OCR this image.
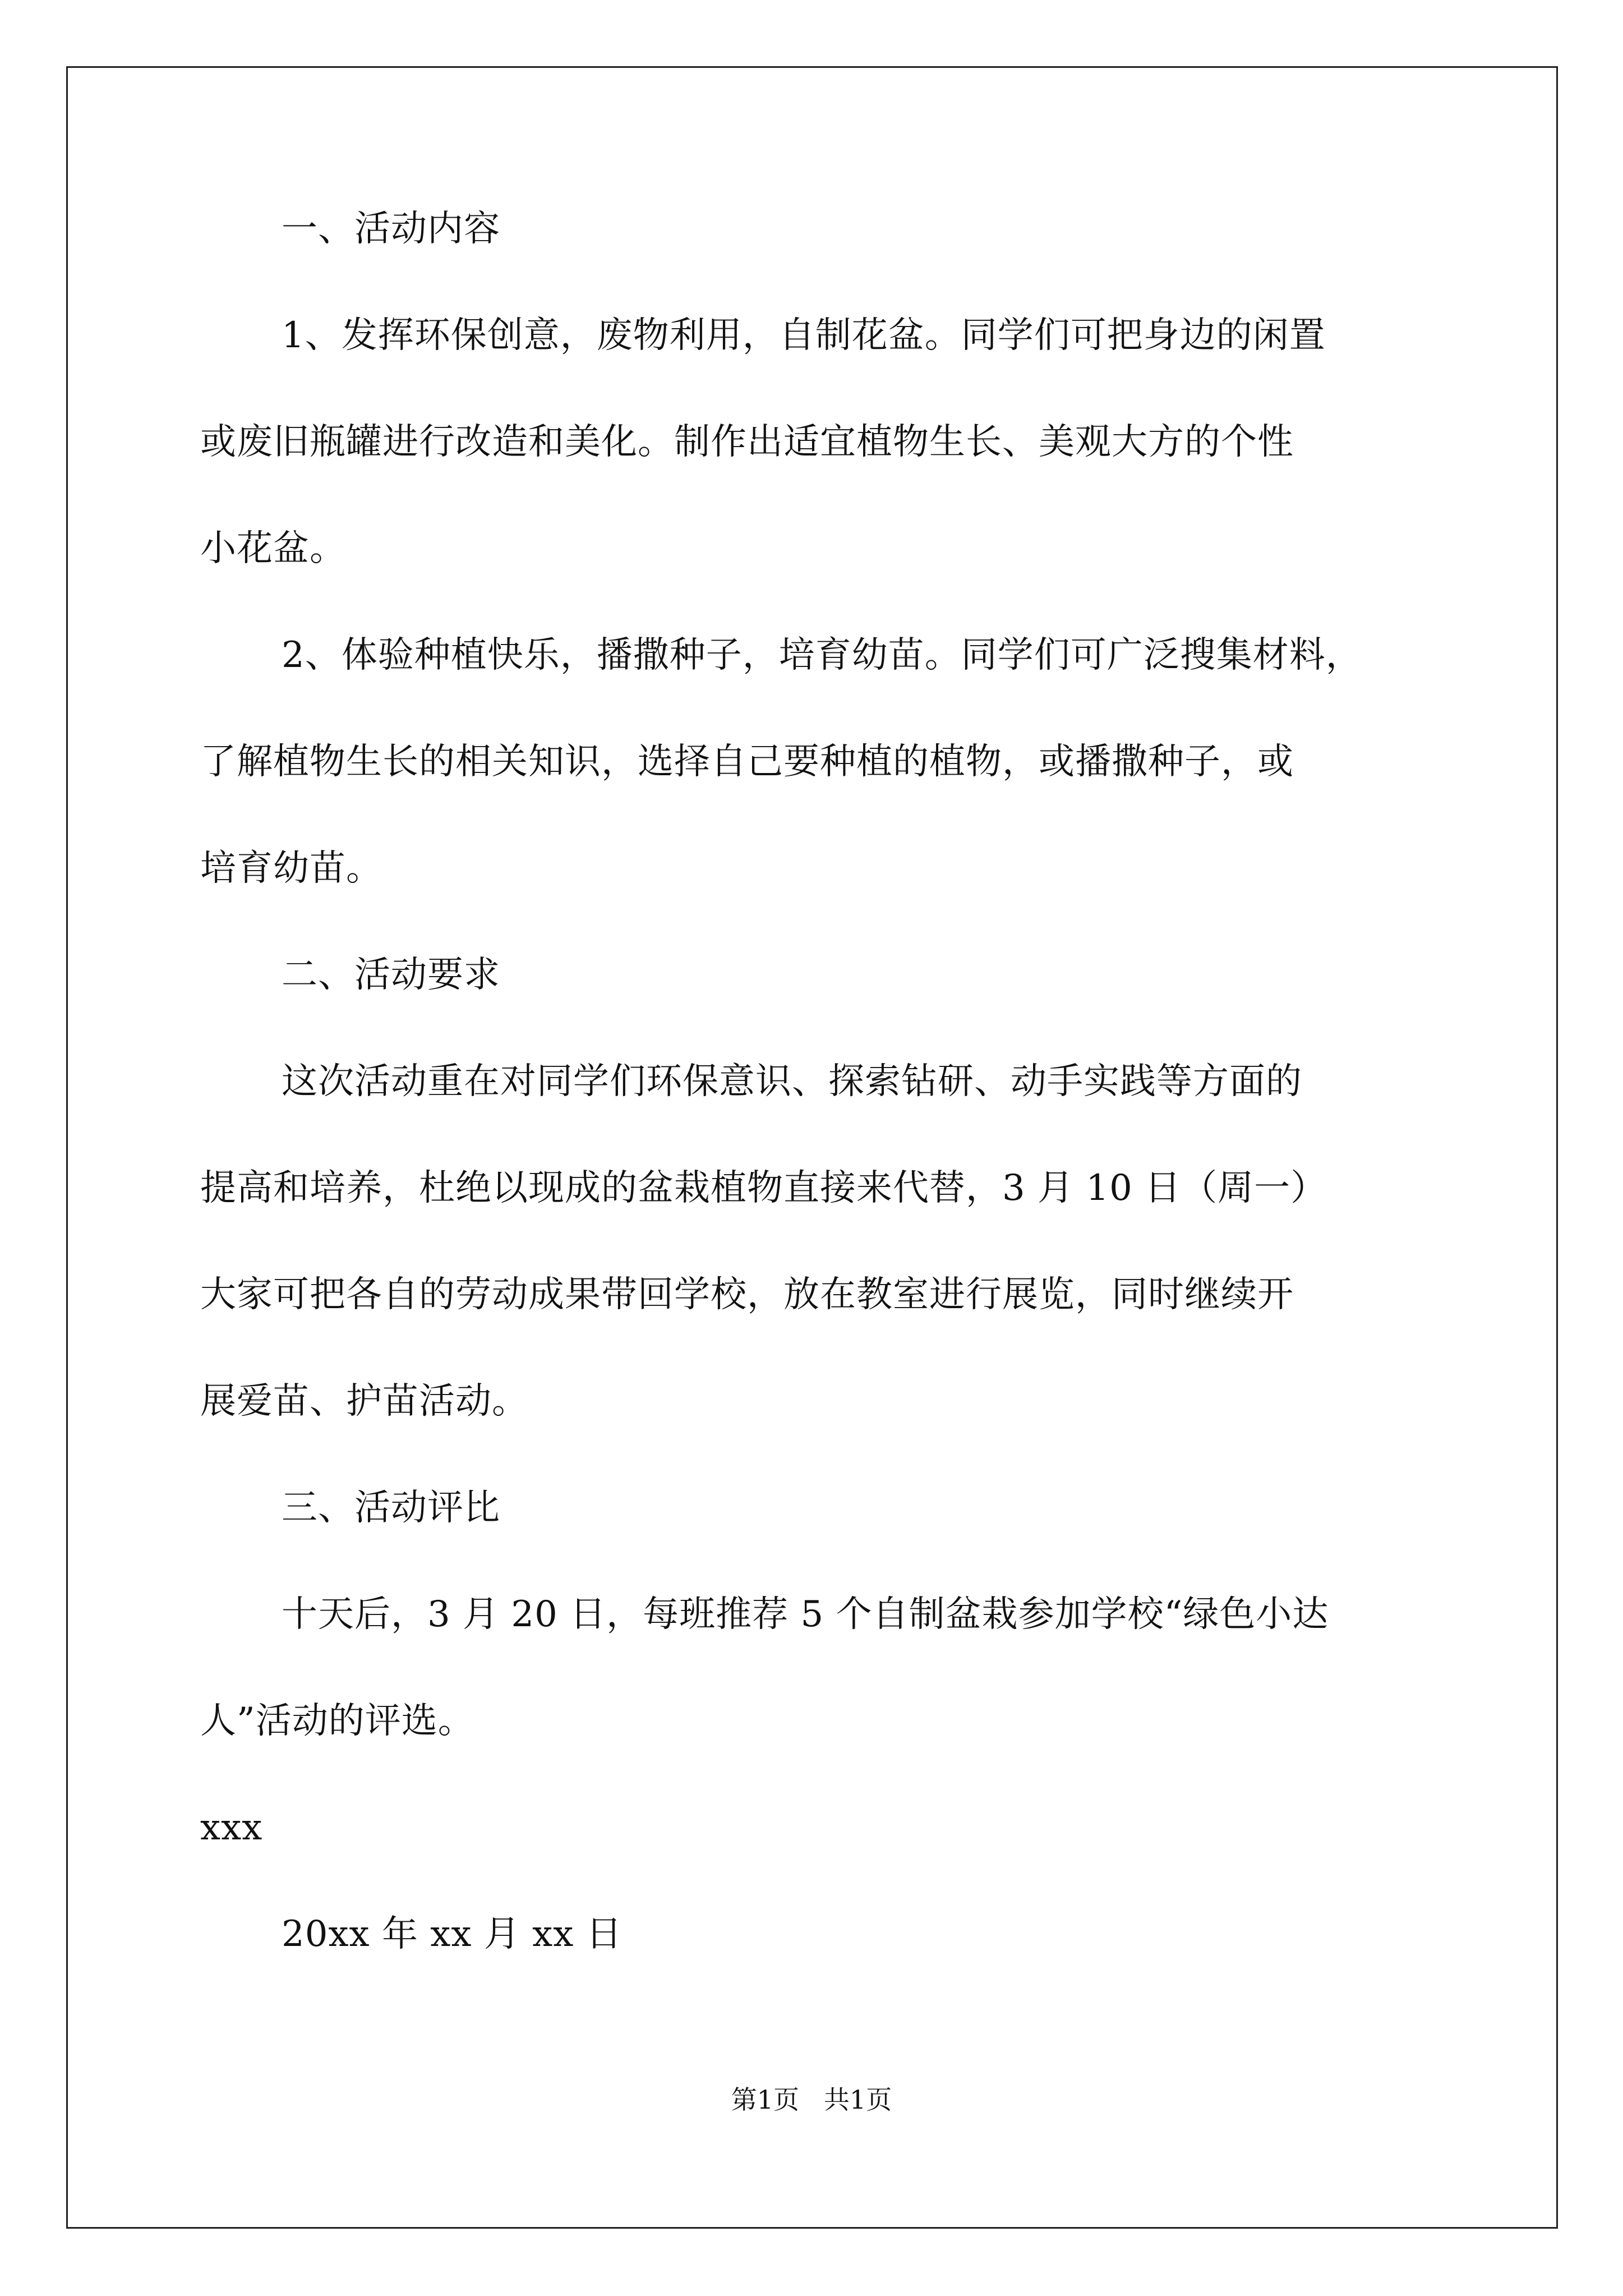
一、活动内容
1、发挥环保创意，废物利用，自制花盆。同学们可把身边的闲置
或废旧瓶罐进行改造和美化。制作出适宜植物生长、美观大方的个性
小花盆。
2、体验种植快乐，播撒种子，培育幼苗。同学们可广泛搜集材料，
了解植物生长的相关知识，选择自己要种植的植物，或播撒种子，或
培育幼苗。
二、活动要求
这次活动重在对同学们环保意识、探索钻研、动手实践等方面的
提高和培养，杜绝以现成的盆栽植物直接来代替，3 月 10 日（周一）
大家可把各自的劳动成果带回学校，放在教室进行展览，同时继续开
展爱苗、护苗活动。
三、活动评比
十天后，3 月 20 日，每班推荐 5 个自制盆栽参加学校“绿色小达
人”活动的评选。
xxx
20xx 年 xx 月 xx 日
第1页   共1页
